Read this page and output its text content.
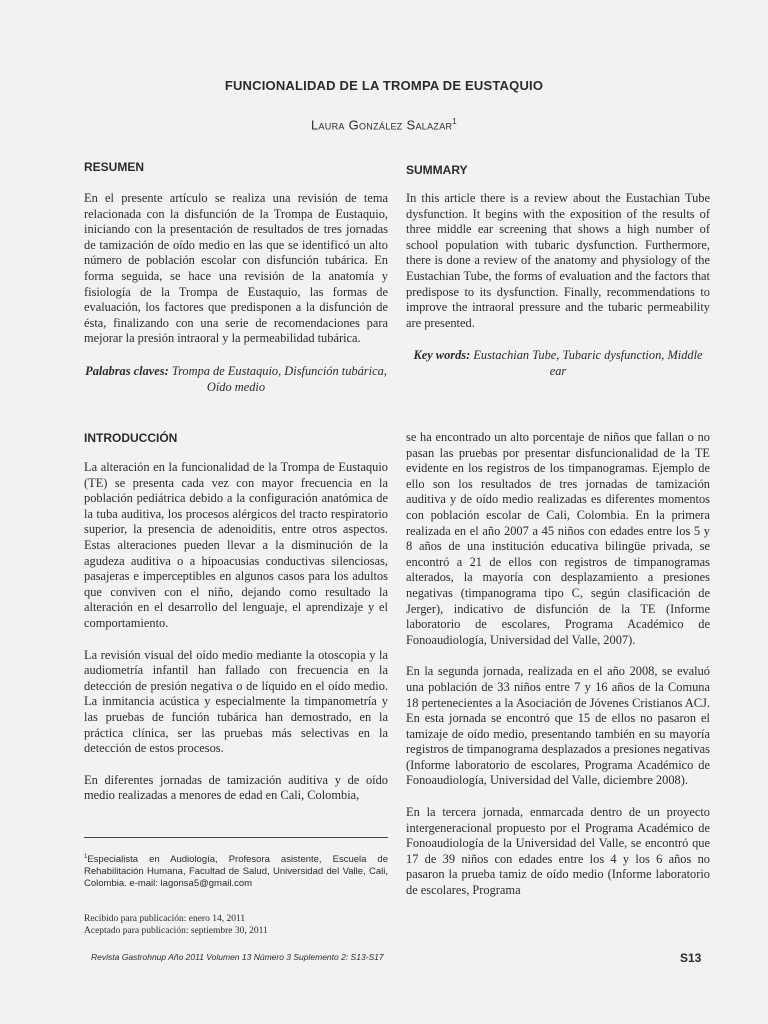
FUNCIONALIDAD DE LA TROMPA DE EUSTAQUIO
Laura González Salazar$^1$
RESUMEN

En el presente artículo se realiza una revisión de tema relacionada con la disfunción de la Trompa de Eustaquio, iniciando con la presentación de resultados de tres jornadas de tamización de oído medio en las que se identificó un alto número de población escolar con disfunción tubárica. En forma seguida, se hace una revisión de la anatomía y fisiología de la Trompa de Eustaquio, las formas de evaluación, los factores que predisponen a la disfunción de ésta, finalizando con una serie de recomendaciones para mejorar la presión intraoral y la permeabilidad tubárica.

Palabras claves: Trompa de Eustaquio, Disfunción tubárica, Oído medio

SUMMARY

In this article there is a review about the Eustachian Tube dysfunction. It begins with the exposition of the results of three middle ear screening that shows a high number of school population with tubaric dysfunction. Furthermore, there is done a review of the anatomy and physiology of the Eustachian Tube, the forms of evaluation and the factors that predispose to its dysfunction. Finally, recommendations to improve the intraoral pressure and the tubaric permeability are presented.

Key words: Eustachian Tube, Tubaric dysfunction, Middle ear

INTRODUCCIÓN

La alteración en la funcionalidad de la Trompa de Eustaquio (TE) se presenta cada vez con mayor frecuencia en la población pediátrica debido a la configuración anatómica de la tuba auditiva, los procesos alérgicos del tracto respiratorio superior, la presencia de adenoiditis, entre otros aspectos. Estas alteraciones pueden llevar a la disminución de la agudeza auditiva o a hipoacusias conductivas silenciosas, pasajeras e imperceptibles en algunos casos para los adultos que conviven con el niño, dejando como resultado la alteración en el desarrollo del lenguaje, el aprendizaje y el comportamiento.

La revisión visual del oído medio mediante la otoscopia y la audiometría infantil han fallado con frecuencia en la detección de presión negativa o de líquido en el oído medio. La inmitancia acústica y especialmente la timpanometría y las pruebas de función tubárica han demostrado, en la práctica clínica, ser las pruebas más selectivas en la detección de estos procesos.

En diferentes jornadas de tamización auditiva y de oído medio realizadas a menores de edad en Cali, Colombia,

se ha encontrado un alto porcentaje de niños que fallan o no pasan las pruebas por presentar disfuncionalidad de la TE evidente en los registros de los timpanogramas. Ejemplo de ello son los resultados de tres jornadas de tamización auditiva y de oído medio realizadas es diferentes momentos con población escolar de Cali, Colombia. En la primera realizada en el año 2007 a 45 niños con edades entre los 5 y 8 años de una institución educativa bilingüe privada, se encontró a 21 de ellos con registros de timpanogramas alterados, la mayoría con desplazamiento a presiones negativas (timpanograma tipo C, según clasificación de Jerger), indicativo de disfunción de la TE (Informe laboratorio de escolares, Programa Académico de Fonoaudiología, Universidad del Valle, 2007).

En la segunda jornada, realizada en el año 2008, se evaluó una población de 33 niños entre 7 y 16 años de la Comuna 18 pertenecientes a la Asociación de Jóvenes Cristianos ACJ. En esta jornada se encontró que 15 de ellos no pasaron el tamizaje de oído medio, presentando también en su mayoría registros de timpanograma desplazados a presiones negativas (Informe laboratorio de escolares, Programa Académico de Fonoaudiología, Universidad del Valle, diciembre 2008).

En la tercera jornada, enmarcada dentro de un proyecto intergeneracional propuesto por el Programa Académico de Fonoaudiología de la Universidad del Valle, se encontró que 17 de 39 niños con edades entre los 4 y los 6 años no pasaron la prueba tamiz de oído medio (Informe laboratorio de escolares, Programa

$^1$Especialista en Audiología, Profesora asistente, Escuela de Rehabilitación Humana, Facultad de Salud, Universidad del Valle, Cali, Colombia. e-mail: lagonsa5@gmail.com

Recibido para publicación: enero 14, 2011

Aceptado para publicación: septiembre 30, 2011

Revista Gastrohnup Año 2011 Volumen 13 Número 3 Suplemento 2: S13-S17	S13
